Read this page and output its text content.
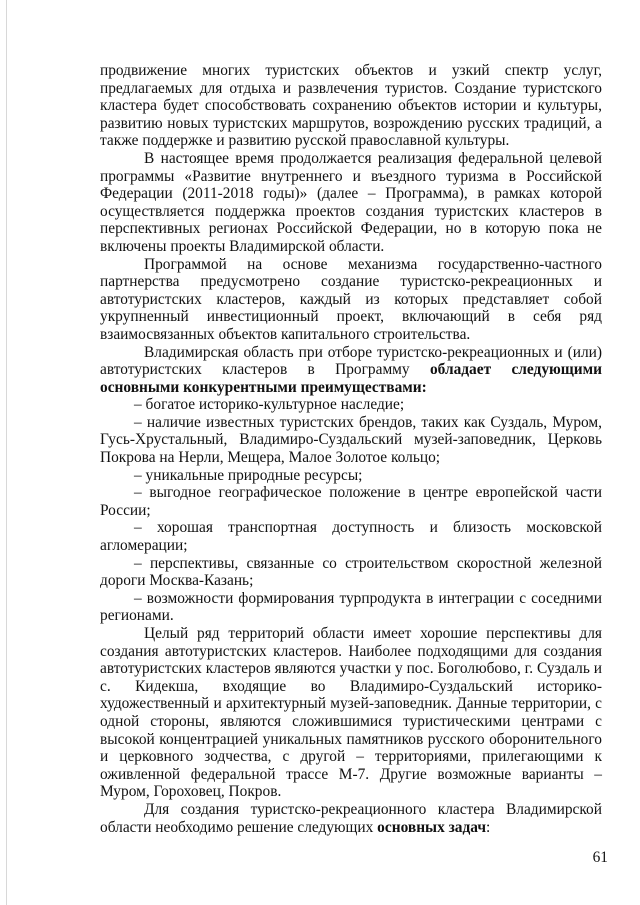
продвижение многих туристских объектов и узкий спектр услуг, предлагаемых для отдыха и развлечения туристов. Создание туристского кластера будет способствовать сохранению объектов истории и культуры, развитию новых туристских маршрутов, возрождению русских традиций, а также поддержке и развитию русской православной культуры.

В настоящее время продолжается реализация федеральной целевой программы «Развитие внутреннего и въездного туризма в Российской Федерации (2011-2018 годы)» (далее – Программа), в рамках которой осуществляется поддержка проектов создания туристских кластеров в перспективных регионах Российской Федерации, но в которую пока не включены проекты Владимирской области.

Программой на основе механизма государственно-частного партнерства предусмотрено создание туристско-рекреационных и автотуристских кластеров, каждый из которых представляет собой укрупненный инвестиционный проект, включающий в себя ряд взаимосвязанных объектов капитального строительства.

Владимирская область при отборе туристско-рекреационных и (или) автотуристских кластеров в Программу обладает следующими основными конкурентными преимуществами:

– богатое историко-культурное наследие;

– наличие известных туристских брендов, таких как Суздаль, Муром, Гусь-Хрустальный, Владимиро-Суздальский музей-заповедник, Церковь Покрова на Нерли, Мещера, Малое Золотое кольцо;

– уникальные природные ресурсы;

– выгодное географическое положение в центре европейской части России;

– хорошая транспортная доступность и близость московской агломерации;

– перспективы, связанные со строительством скоростной железной дороги Москва-Казань;

– возможности формирования турпродукта в интеграции с соседними регионами.

Целый ряд территорий области имеет хорошие перспективы для создания автотуристских кластеров. Наиболее подходящими для создания автотуристских кластеров являются участки у пос. Боголюбово, г. Суздаль и с. Кидекша, входящие во Владимиро-Суздальский историко-художественный и архитектурный музей-заповедник. Данные территории, с одной стороны, являются сложившимися туристическими центрами с высокой концентрацией уникальных памятников русского оборонительного и церковного зодчества, с другой – территориями, прилегающими к оживленной федеральной трассе М-7. Другие возможные варианты – Муром, Гороховец, Покров.

Для создания туристско-рекреационного кластера Владимирской области необходимо решение следующих основных задач:

61
